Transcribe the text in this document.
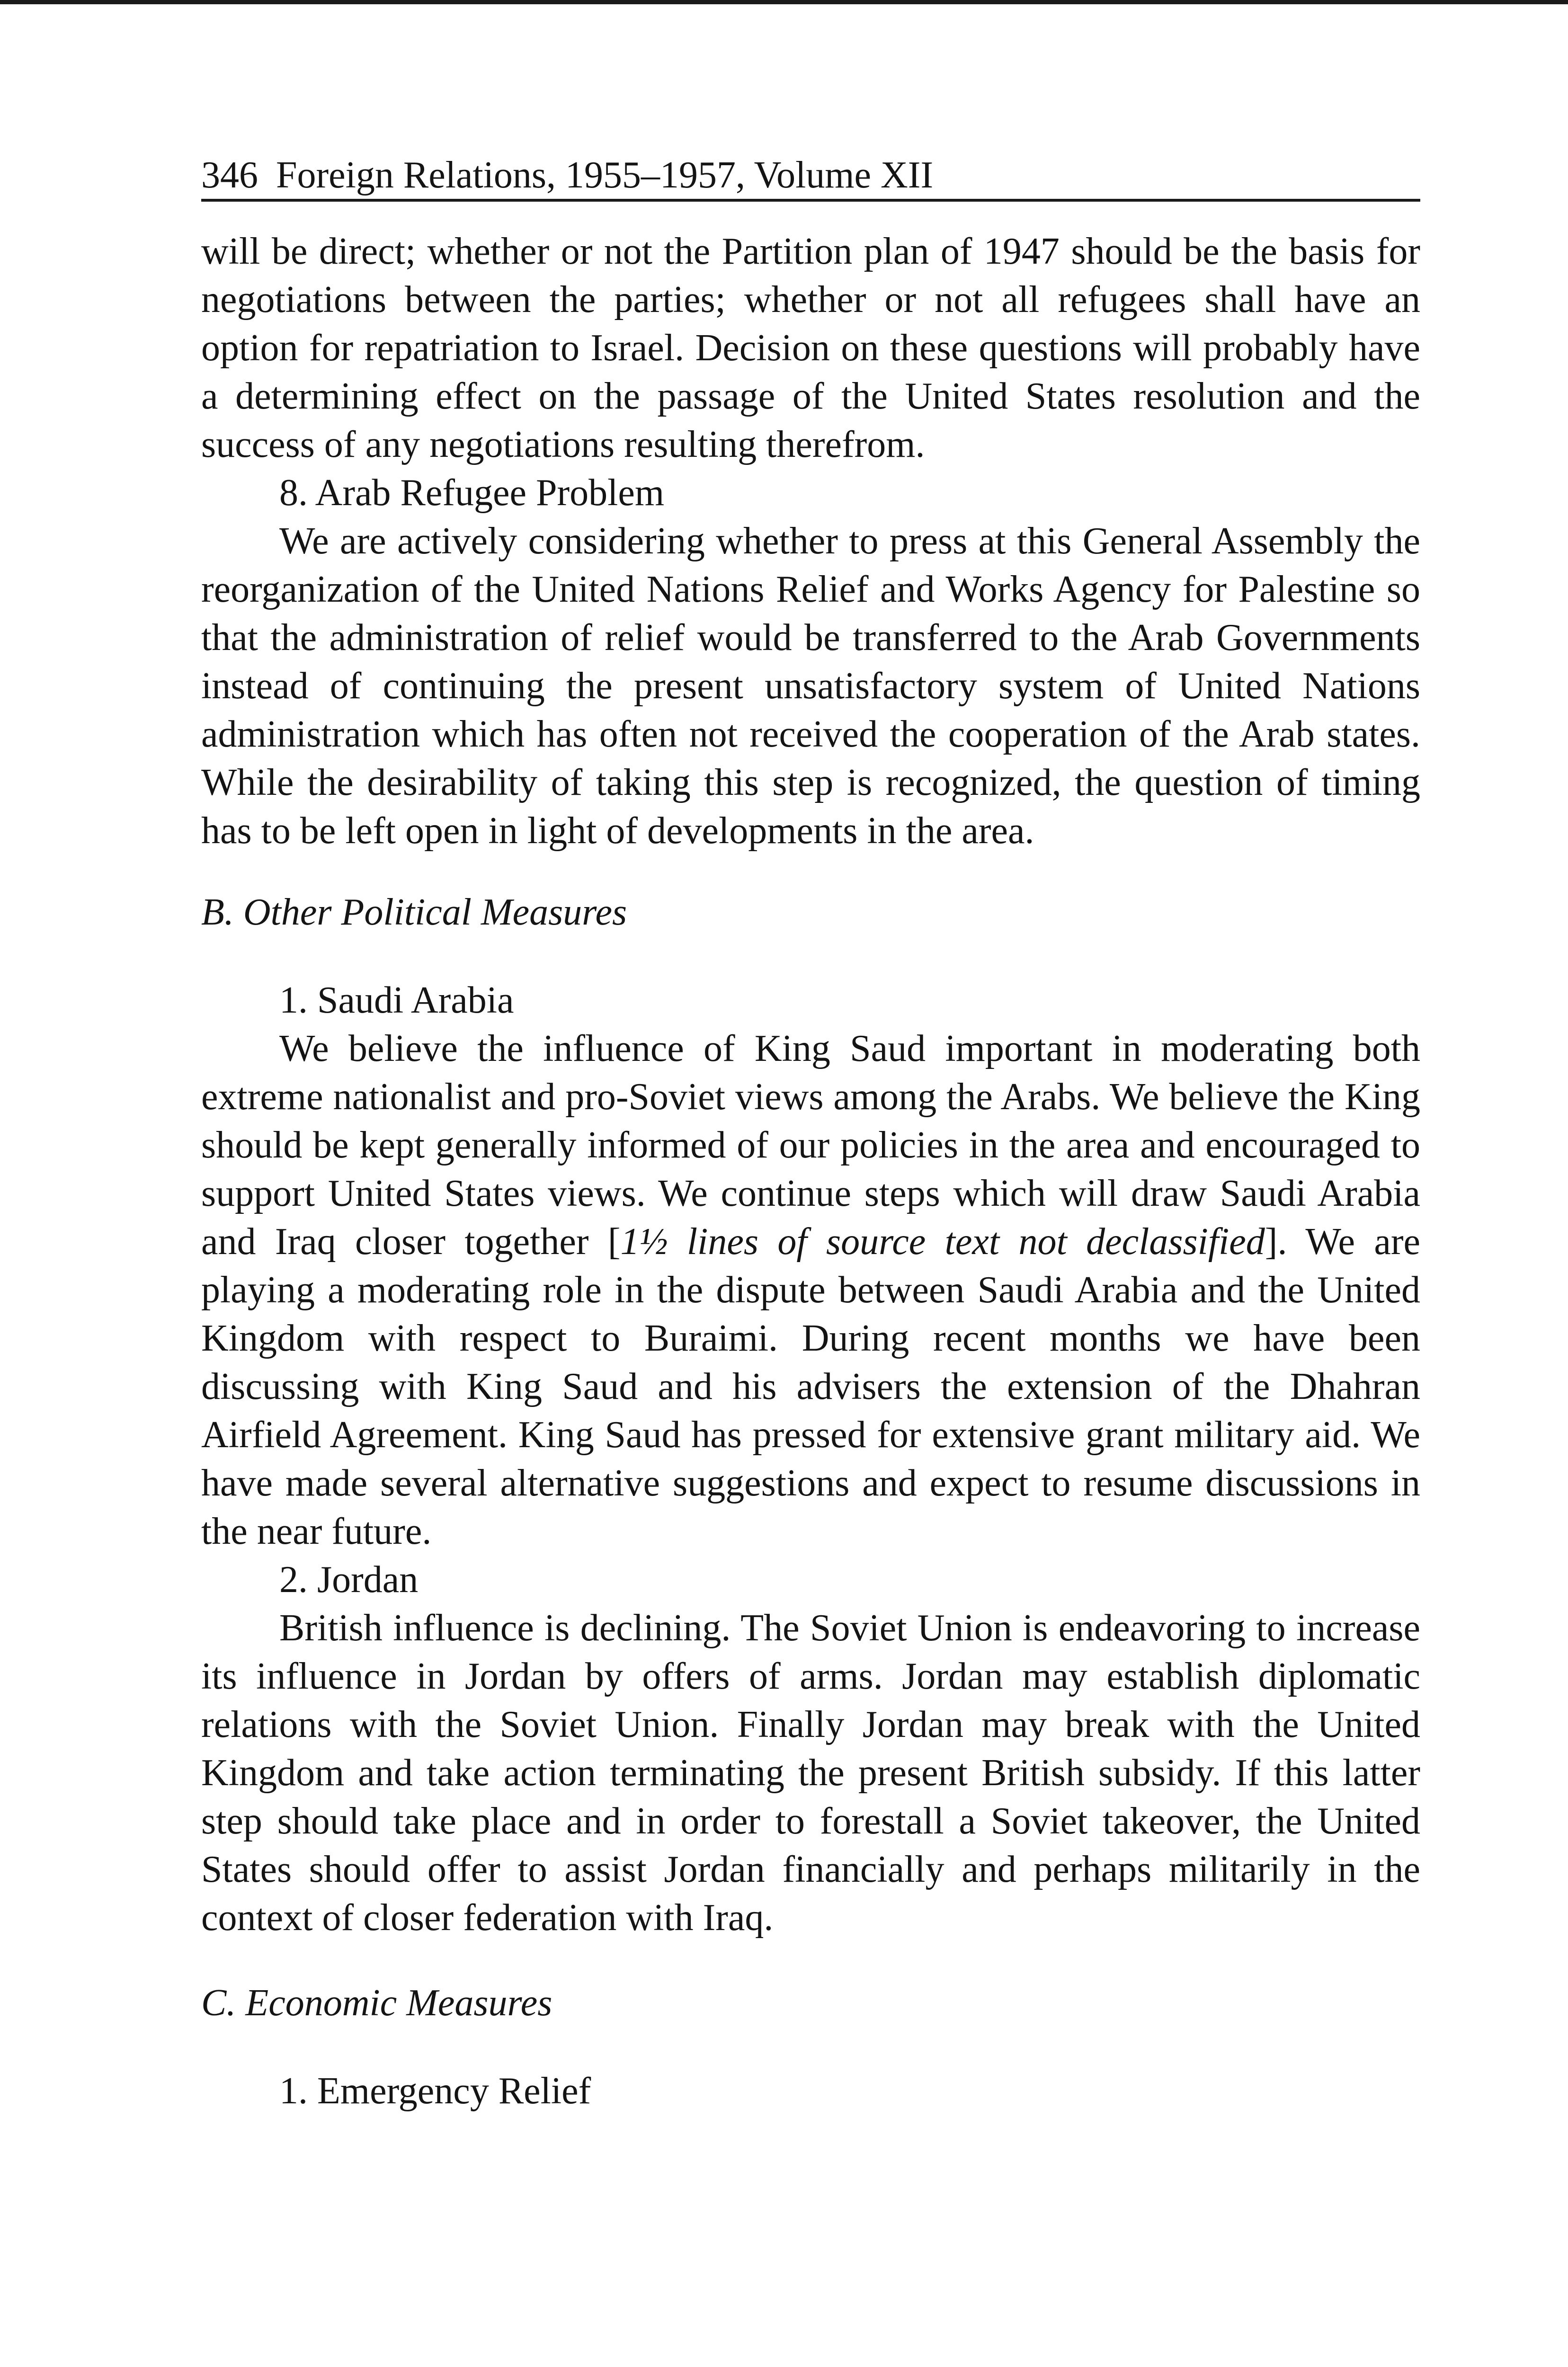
346 Foreign Relations, 1955–1957, Volume XII

will be direct; whether or not the Partition plan of 1947 should be the basis for negotiations between the parties; whether or not all refugees shall have an option for repatriation to Israel. Decision on these questions will probably have a determining effect on the passage of the United States resolution and the success of any negotiations resulting therefrom.

8. Arab Refugee Problem

We are actively considering whether to press at this General Assembly the reorganization of the United Nations Relief and Works Agency for Palestine so that the administration of relief would be transferred to the Arab Governments instead of continuing the present unsatisfactory system of United Nations administration which has often not received the cooperation of the Arab states. While the desirability of taking this step is recognized, the question of timing has to be left open in light of developments in the area.

B. Other Political Measures

1. Saudi Arabia

We believe the influence of King Saud important in moderating both extreme nationalist and pro-Soviet views among the Arabs. We believe the King should be kept generally informed of our policies in the area and encouraged to support United States views. We continue steps which will draw Saudi Arabia and Iraq closer together [1½ lines of source text not declassified]. We are playing a moderating role in the dispute between Saudi Arabia and the United Kingdom with respect to Buraimi. During recent months we have been discussing with King Saud and his advisers the extension of the Dhahran Airfield Agreement. King Saud has pressed for extensive grant military aid. We have made several alternative suggestions and expect to resume discussions in the near future.

2. Jordan

British influence is declining. The Soviet Union is endeavoring to increase its influence in Jordan by offers of arms. Jordan may establish diplomatic relations with the Soviet Union. Finally Jordan may break with the United Kingdom and take action terminating the present British subsidy. If this latter step should take place and in order to forestall a Soviet takeover, the United States should offer to assist Jordan financially and perhaps militarily in the context of closer federation with Iraq.

C. Economic Measures

1. Emergency Relief
